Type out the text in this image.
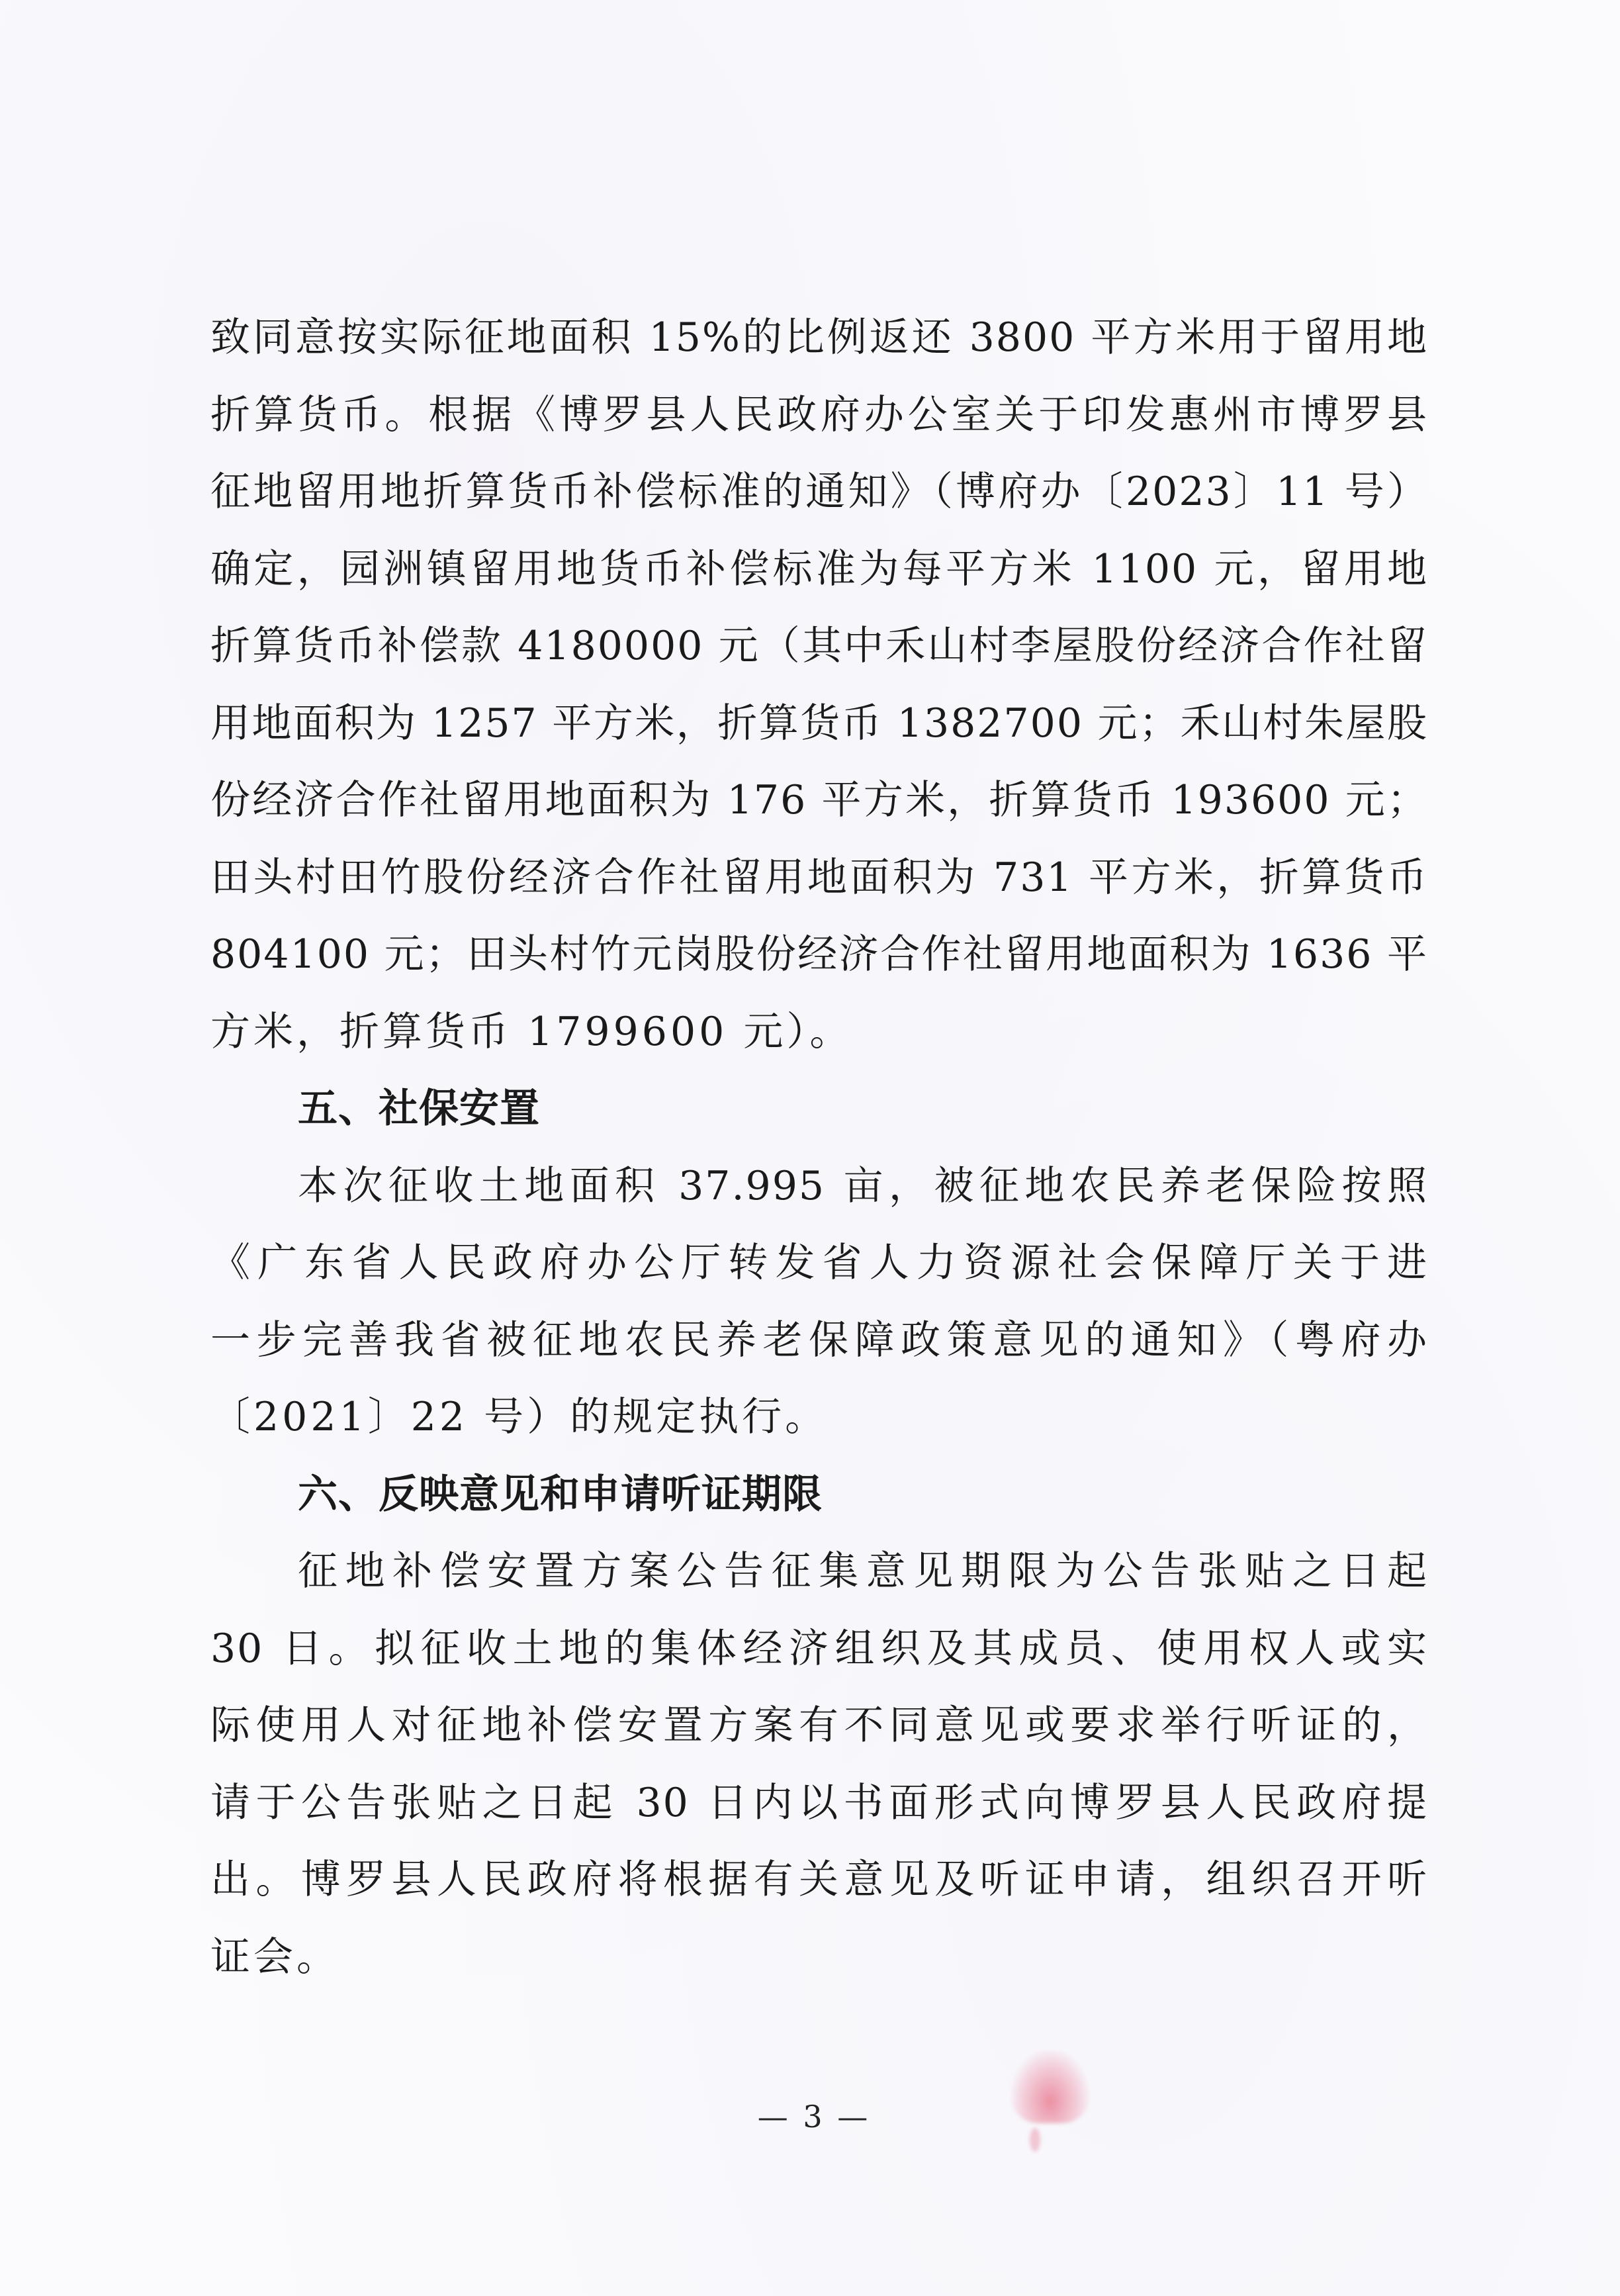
致同意按实际征地面积 15%的比例返还 3800 平方米用于留用地
折算货币。根据《博罗县人民政府办公室关于印发惠州市博罗县
征地留用地折算货币补偿标准的通知》（博府办〔2023〕11 号）
确定，园洲镇留用地货币补偿标准为每平方米 1100 元，留用地
折算货币补偿款 4180000 元（其中禾山村李屋股份经济合作社留
用地面积为 1257 平方米，折算货币 1382700 元；禾山村朱屋股
份经济合作社留用地面积为 176 平方米，折算货币 193600 元；
田头村田竹股份经济合作社留用地面积为 731 平方米，折算货币
804100 元；田头村竹元岗股份经济合作社留用地面积为 1636 平
方米，折算货币 1799600 元）。
五、社保安置
本次征收土地面积 37.995 亩，被征地农民养老保险按照
《广东省人民政府办公厅转发省人力资源社会保障厅关于进
一步完善我省被征地农民养老保障政策意见的通知》（粤府办
〔2021〕22 号）的规定执行。
六、反映意见和申请听证期限
征地补偿安置方案公告征集意见期限为公告张贴之日起
30 日。拟征收土地的集体经济组织及其成员、使用权人或实
际使用人对征地补偿安置方案有不同意见或要求举行听证的，
请于公告张贴之日起 30 日内以书面形式向博罗县人民政府提
出。博罗县人民政府将根据有关意见及听证申请，组织召开听
证会。
— 3 —
